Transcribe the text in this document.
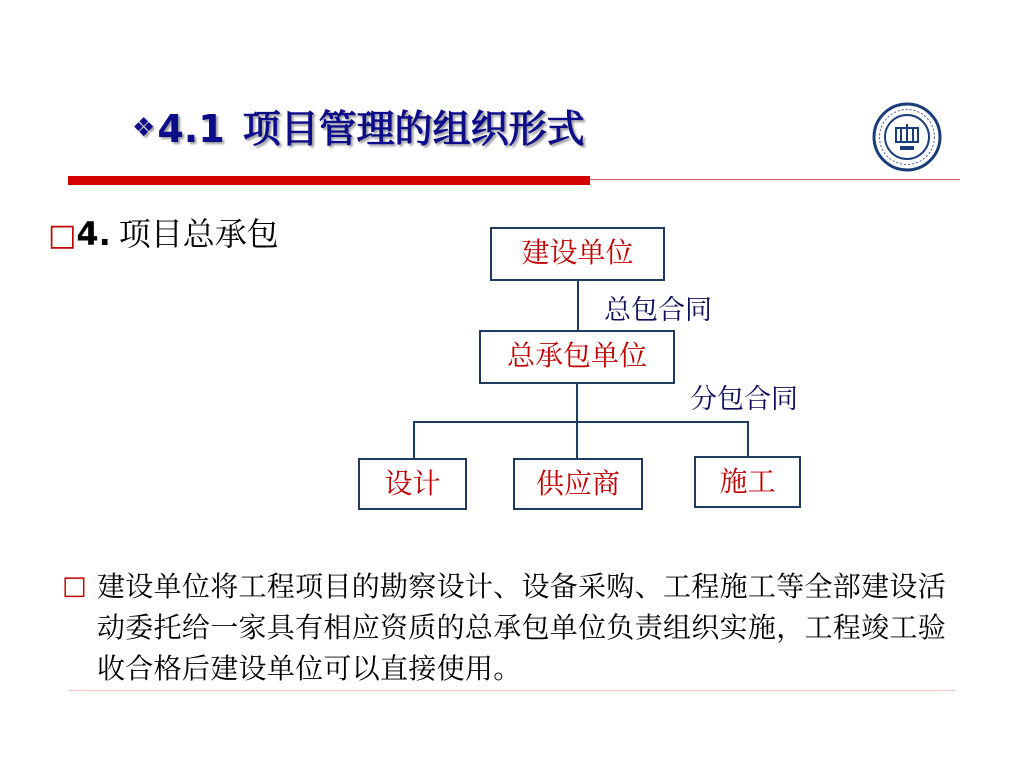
❖4.1 项目管理的组织形式
□4. 项目总承包	建设单位
总承包单位
设计	供应商	施工
总包合同
分包合同
□ 建设单位将工程项目的勘察设计、设备采购、工程施工等全部建设活动委托给一家具有相应资质的总承包单位负责组织实施，工程竣工验收合格后建设单位可以直接使用。
